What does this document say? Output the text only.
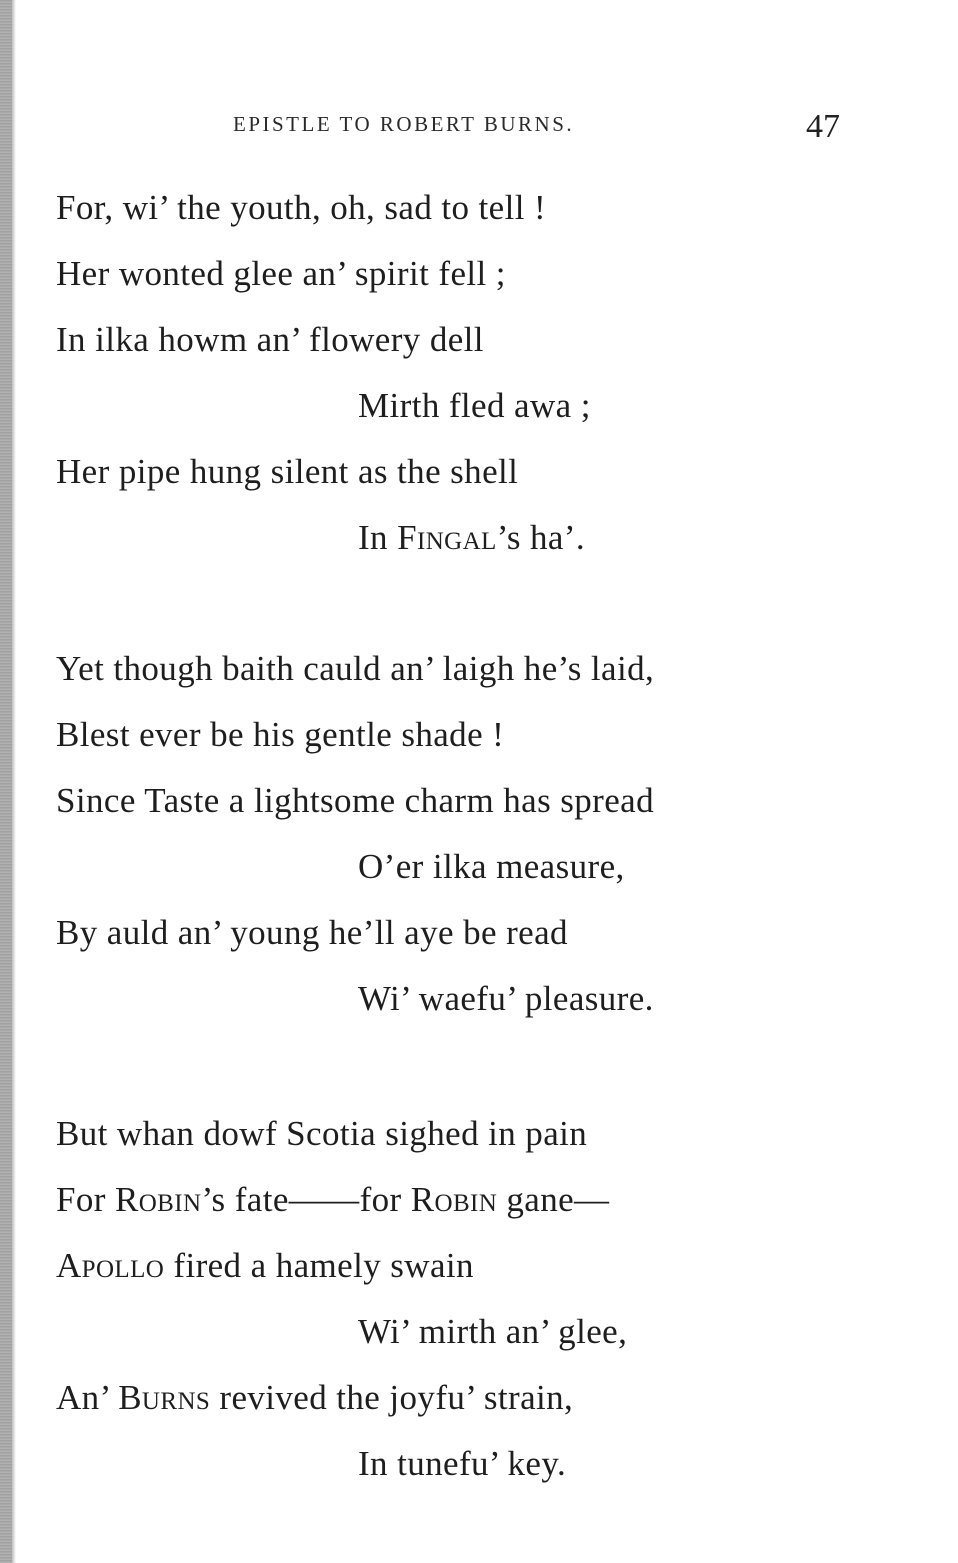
EPISTLE TO ROBERT BURNS.	47
For, wi’ the youth, oh, sad to tell !
Her wonted glee an’ spirit fell ;
In ilka howm an’ flowery dell
Mirth fled awa ;
Her pipe hung silent as the shell
In Fingal’s ha’.
Yet though baith cauld an’ laigh he’s laid,
Blest ever be his gentle shade !
Since Taste a lightsome charm has spread
O’er ilka measure,
By auld an’ young he’ll aye be read
Wi’ waefu’ pleasure.
But whan dowf Scotia sighed in pain
For Robin’s fate——for Robin gane—
Apollo fired a hamely swain
Wi’ mirth an’ glee,
An’ Burns revived the joyfu’ strain,
In tunefu’ key.
